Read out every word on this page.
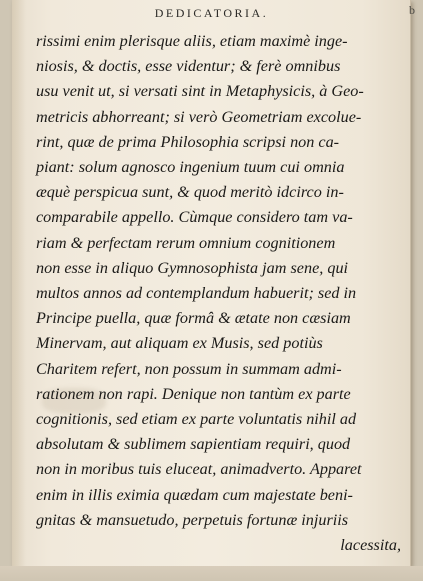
DEDICATORIA.	b
rissimi enim plerisque aliis, etiam maximè inge-
niosis, & doctis, esse videntur; & ferè omnibus
usu venit ut, si versati sint in Metaphysicis, à Geo-
metricis abhorreant; si verò Geometriam excolue-
rint, quæ de prima Philosophia scripsi non ca-
piant: solum agnosco ingenium tuum cui omnia
æquè perspicua sunt, & quod meritò idcirco in-
comparabile appello. Cùmque considero tam va-
riam & perfectam rerum omnium cognitionem
non esse in aliquo Gymnosophista jam sene, qui
multos annos ad contemplandum habuerit; sed in
Principe puella, quæ formâ & ætate non cæsiam
Minervam, aut aliquam ex Musis, sed potiùs
Charitem refert, non possum in summam admi-
rationem non rapi. Denique non tantùm ex parte
cognitionis, sed etiam ex parte voluntatis nihil ad
absolutam & sublimem sapientiam requiri, quod
non in moribus tuis eluceat, animadverto. Apparet
enim in illis eximia quædam cum majestate beni-
gnitas & mansuetudo, perpetuis fortunæ injuriis
lacessita,
